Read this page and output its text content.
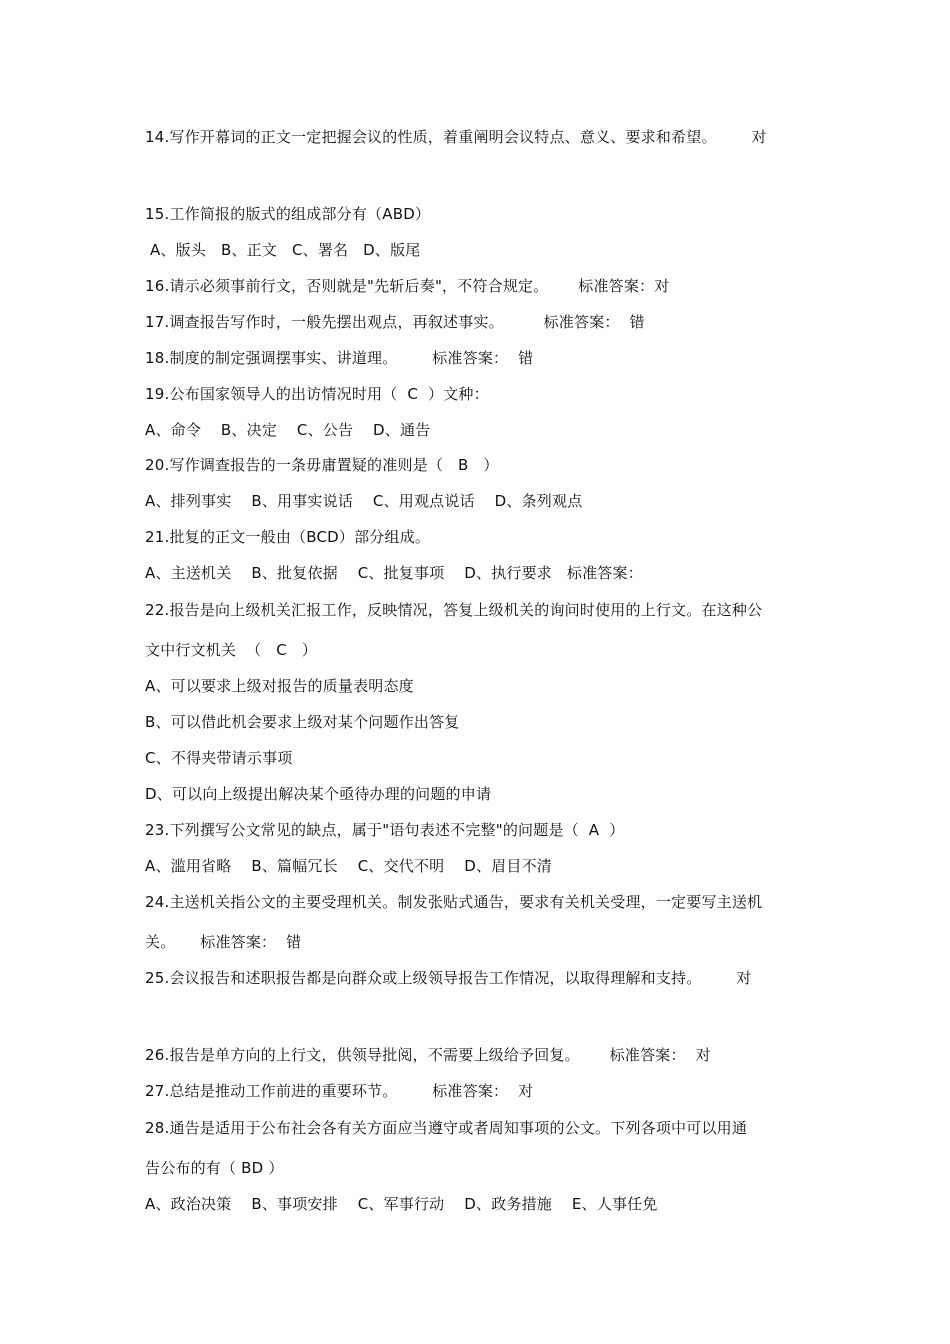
14.写作开幕词的正文一定把握会议的性质，着重阐明会议特点、意义、要求和希望。       对
15.工作简报的版式的组成部分有（ABD）
A、版头   B、正文   C、署名   D、版尾
16.请示必须事前行文，否则就是"先斩后奏"，不符合规定。      标准答案：对
17.调查报告写作时，一般先摆出观点，再叙述事实。        标准答案：  错
18.制度的制定强调摆事实、讲道理。       标准答案：  错
19.公布国家领导人的出访情况时用（  C  ）文种：
A、命令    B、决定    C、公告    D、通告
20.写作调查报告的一条毋庸置疑的准则是（   B   ）
A、排列事实    B、用事实说话    C、用观点说话    D、条列观点
21.批复的正文一般由（BCD）部分组成。
A、主送机关    B、批复依据    C、批复事项    D、执行要求   标准答案：
22.报告是向上级机关汇报工作，反映情况，答复上级机关的询问时使用的上行文。在这种公
文中行文机关  （   C   ）
A、可以要求上级对报告的质量表明态度
B、可以借此机会要求上级对某个问题作出答复
C、不得夹带请示事项
D、可以向上级提出解决某个亟待办理的问题的申请
23.下列撰写公文常见的缺点，属于"语句表述不完整"的问题是（  A  ）
A、滥用省略    B、篇幅冗长    C、交代不明    D、眉目不清
24.主送机关指公文的主要受理机关。制发张贴式通告，要求有关机关受理，一定要写主送机
关。     标准答案：  错
25.会议报告和述职报告都是向群众或上级领导报告工作情况，以取得理解和支持。       对
26.报告是单方向的上行文，供领导批阅，不需要上级给予回复。      标准答案：  对
27.总结是推动工作前进的重要环节。       标准答案：  对
28.通告是适用于公布社会各有关方面应当遵守或者周知事项的公文。下列各项中可以用通
告公布的有（ BD ）
A、政治决策    B、事项安排    C、军事行动    D、政务措施    E、人事任免
